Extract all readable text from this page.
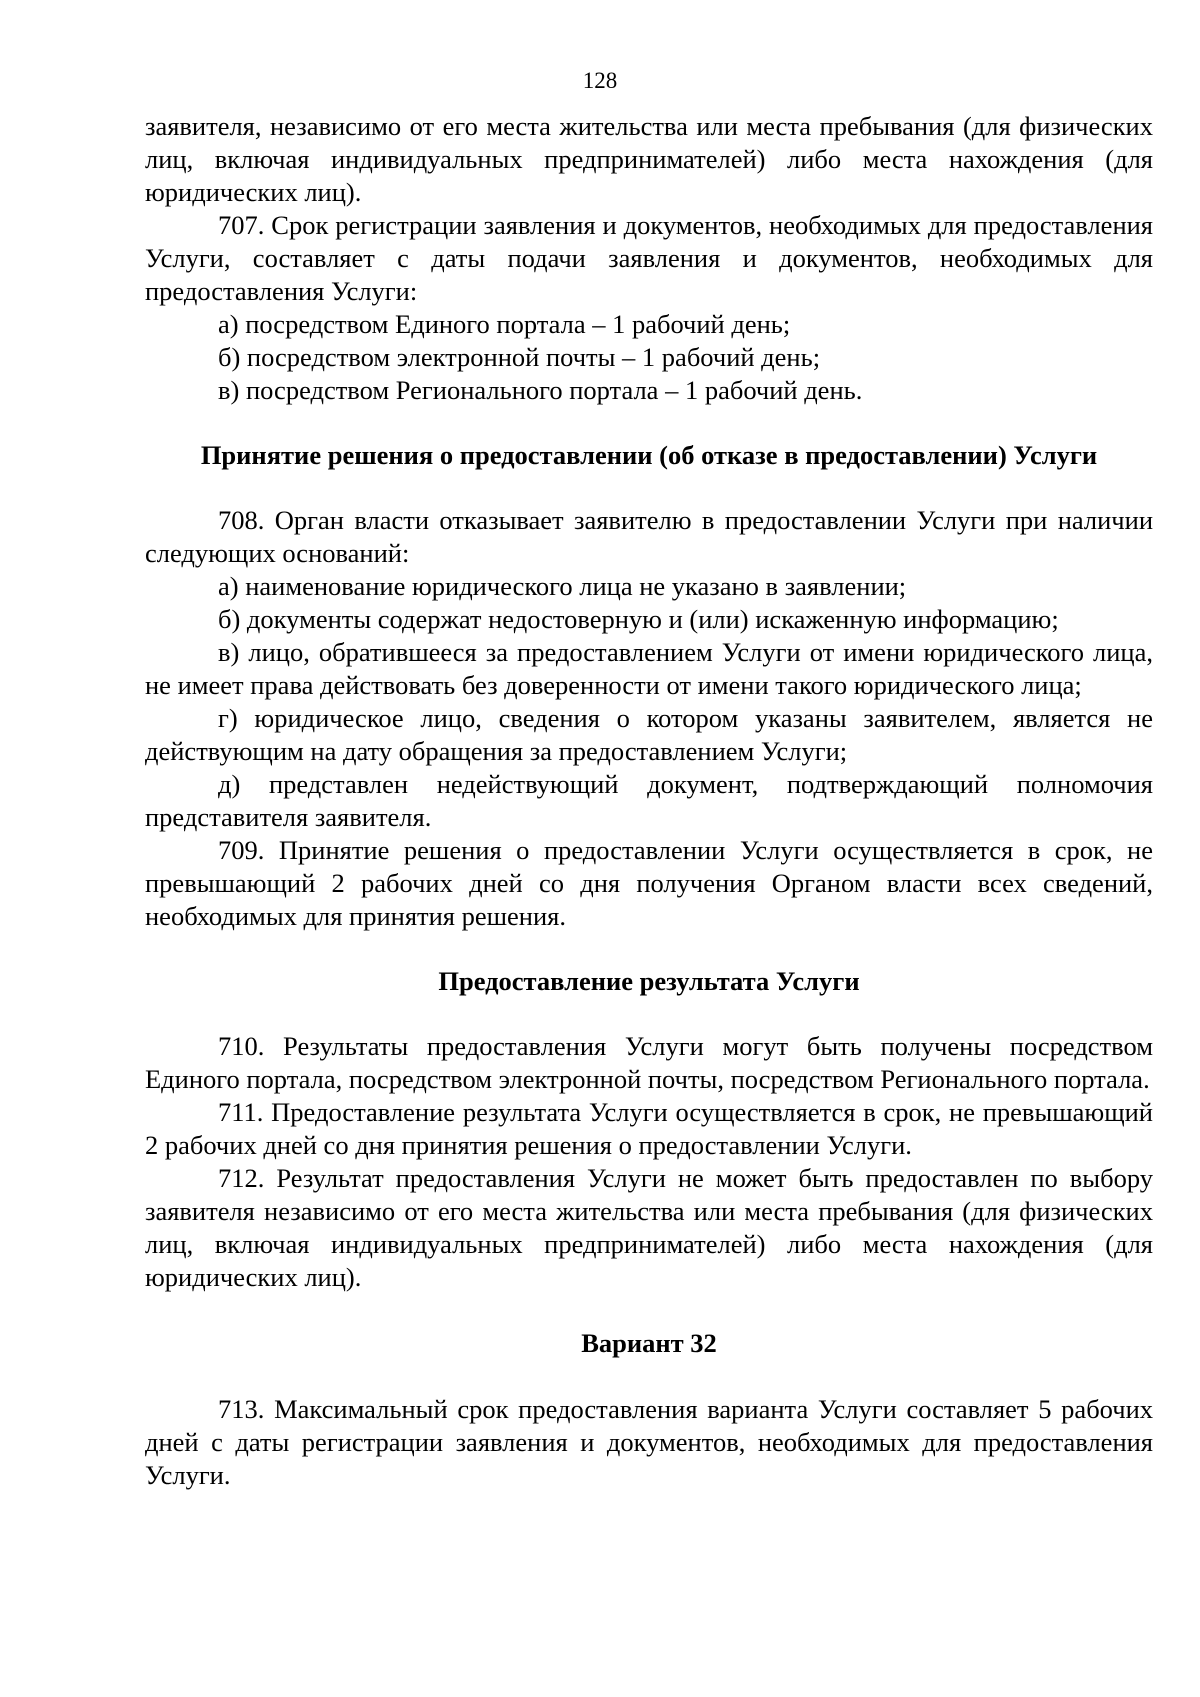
128

заявителя, независимо от его места жительства или места пребывания (для физических лиц, включая индивидуальных предпринимателей) либо места нахождения (для юридических лиц).

707. Срок регистрации заявления и документов, необходимых для предоставления Услуги, составляет с даты подачи заявления и документов, необходимых для предоставления Услуги:

а) посредством Единого портала – 1 рабочий день;

б) посредством электронной почты – 1 рабочий день;

в) посредством Регионального портала – 1 рабочий день.

Принятие решения о предоставлении (об отказе в предоставлении) Услуги

708. Орган власти отказывает заявителю в предоставлении Услуги при наличии следующих оснований:

а) наименование юридического лица не указано в заявлении;

б) документы содержат недостоверную и (или) искаженную информацию;

в) лицо, обратившееся за предоставлением Услуги от имени юридического лица, не имеет права действовать без доверенности от имени такого юридического лица;

г) юридическое лицо, сведения о котором указаны заявителем, является не действующим на дату обращения за предоставлением Услуги;

д) представлен недействующий документ, подтверждающий полномочия представителя заявителя.

709. Принятие решения о предоставлении Услуги осуществляется в срок, не превышающий 2 рабочих дней со дня получения Органом власти всех сведений, необходимых для принятия решения.

Предоставление результата Услуги

710. Результаты предоставления Услуги могут быть получены посредством Единого портала, посредством электронной почты, посредством Регионального портала.

711. Предоставление результата Услуги осуществляется в срок, не превышающий 2 рабочих дней со дня принятия решения о предоставлении Услуги.

712. Результат предоставления Услуги не может быть предоставлен по выбору заявителя независимо от его места жительства или места пребывания (для физических лиц, включая индивидуальных предпринимателей) либо места нахождения (для юридических лиц).

Вариант 32

713. Максимальный срок предоставления варианта Услуги составляет 5 рабочих дней с даты регистрации заявления и документов, необходимых для предоставления Услуги.
